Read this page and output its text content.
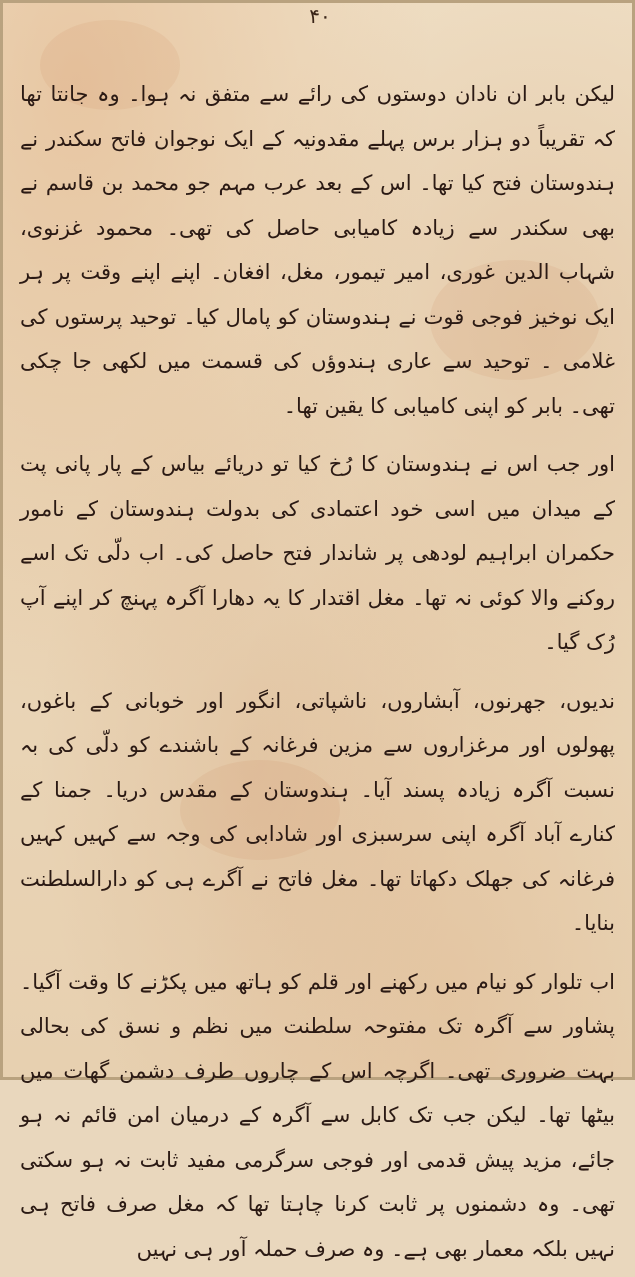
۴۰

لیکن بابر ان نادان دوستوں کی رائے سے متفق نہ ہوا۔ وہ جانتا تھا کہ تقریباً دو ہزار برس پہلے مقدونیہ کے ایک نوجوان فاتح سکندر نے ہندوستان فتح کیا تھا۔ اس کے بعد عرب مہم جو محمد بن قاسم نے بھی سکندر سے زیادہ کامیابی حاصل کی تھی۔ محمود غزنوی، شہاب الدین غوری، امیر تیمور، مغل، افغان۔ اپنے اپنے وقت پر ہر ایک نوخیز فوجی قوت نے ہندوستان کو پامال کیا۔ توحید پرستوں کی غلامی ۔ توحید سے عاری ہندوؤں کی قسمت میں لکھی جا چکی تھی۔ بابر کو اپنی کامیابی کا یقین تھا۔

اور جب اس نے ہندوستان کا رُخ کیا تو دریائے بیاس کے پار پانی پت کے میدان میں اسی خود اعتمادی کی بدولت ہندوستان کے نامور حکمران ابراہیم لودھی پر شاندار فتح حاصل کی۔ اب دلّی تک اسے روکنے والا کوئی نہ تھا۔ مغل اقتدار کا یہ دھارا آگرہ پہنچ کر اپنے آپ رُک گیا۔

ندیوں، جھرنوں، آبشاروں، ناشپاتی، انگور اور خوبانی کے باغوں، پھولوں اور مرغزاروں سے مزین فرغانہ کے باشندے کو دلّی کی بہ نسبت آگرہ زیادہ پسند آیا۔ ہندوستان کے مقدس دریا۔ جمنا کے کنارے آباد آگرہ اپنی سرسبزی اور شادابی کی وجہ سے کہیں کہیں فرغانہ کی جھلک دکھاتا تھا۔ مغل فاتح نے آگرے ہی کو دارالسلطنت بنایا۔

اب تلوار کو نیام میں رکھنے اور قلم کو ہاتھ میں پکڑنے کا وقت آگیا۔ پشاور سے آگرہ تک مفتوحہ سلطنت میں نظم و نسق کی بحالی بہت ضروری تھی۔ اگرچہ اس کے چاروں طرف دشمن گھات میں بیٹھا تھا۔ لیکن جب تک کابل سے آگرہ کے درمیان امن قائم نہ ہو جائے، مزید پیش قدمی اور فوجی سرگرمی مفید ثابت نہ ہو سکتی تھی۔ وہ دشمنوں پر ثابت کرنا چاہتا تھا کہ مغل صرف فاتح ہی نہیں بلکہ معمار بھی ہے۔ وہ صرف حملہ آور ہی نہیں
